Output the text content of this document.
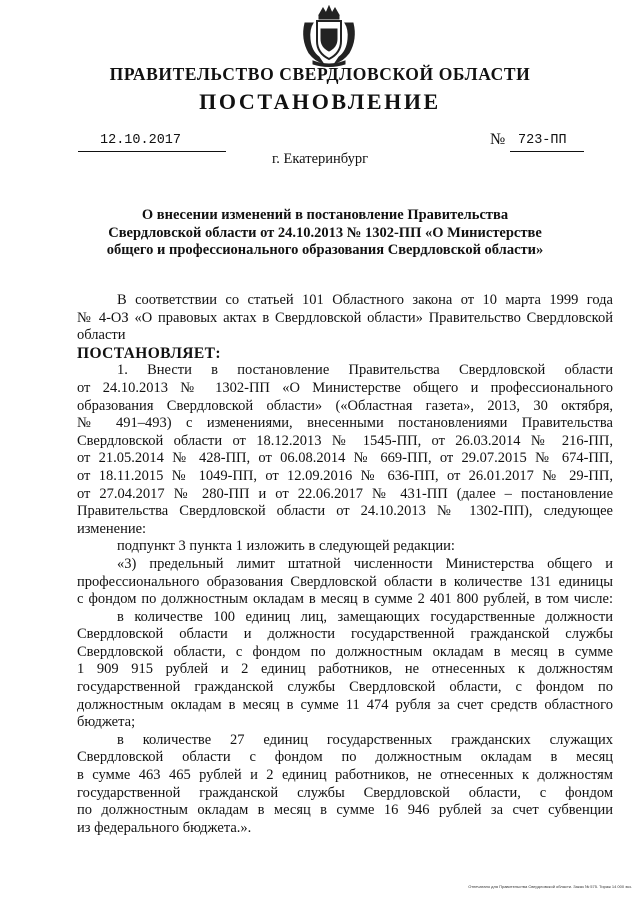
ПРАВИТЕЛЬСТВО СВЕРДЛОВСКОЙ ОБЛАСТИ
ПОСТАНОВЛЕНИЕ
12.10.2017	№ 723-ПП
г. Екатеринбург
О внесении изменений в постановление Правительства
Свердловской области от 24.10.2013 № 1302-ПП «О Министерстве
общего и профессионального образования Свердловской области»

В соответствии со статьей 101 Областного закона от 10 марта 1999 года
№ 4-ОЗ «О правовых актах в Свердловской области» Правительство Свердловской
области

ПОСТАНОВЛЯЕТ:

1. Внести в постановление Правительства Свердловской области
от 24.10.2013 № 1302-ПП «О Министерстве общего и профессионального
образования Свердловской области» («Областная газета», 2013, 30 октября,
№ 491–493) с изменениями, внесенными постановлениями Правительства
Свердловской области от 18.12.2013 № 1545-ПП, от 26.03.2014 № 216-ПП,
от 21.05.2014 № 428-ПП, от 06.08.2014 № 669-ПП, от 29.07.2015 № 674-ПП,
от 18.11.2015 № 1049-ПП, от 12.09.2016 № 636-ПП, от 26.01.2017 № 29-ПП,
от 27.04.2017 № 280-ПП и от 22.06.2017 № 431-ПП (далее – постановление
Правительства Свердловской области от 24.10.2013 № 1302-ПП), следующее
изменение:

подпункт 3 пункта 1 изложить в следующей редакции:

«3) предельный лимит штатной численности Министерства общего и
профессионального образования Свердловской области в количестве 131 единицы
с фондом по должностным окладам в месяц в сумме 2 401 800 рублей, в том числе:

в количестве 100 единиц лиц, замещающих государственные должности
Свердловской области и должности государственной гражданской службы
Свердловской области, с фондом по должностным окладам в месяц в сумме
1 909 915 рублей и 2 единиц работников, не отнесенных к должностям
государственной гражданской службы Свердловской области, с фондом по
должностным окладам в месяц в сумме 11 474 рубля за счет средств областного
бюджета;

в количестве 27 единиц государственных гражданских служащих
Свердловской области с фондом по должностным окладам в месяц
в сумме 463 465 рублей и 2 единиц работников, не отнесенных к должностям
государственной гражданской службы Свердловской области, с фондом
по должностным окладам в месяц в сумме 16 946 рублей за счет субвенции
из федерального бюджета.».

Отпечатано для Правительства Свердловской области. Заказ № 575. Тираж 14 000 экз.
